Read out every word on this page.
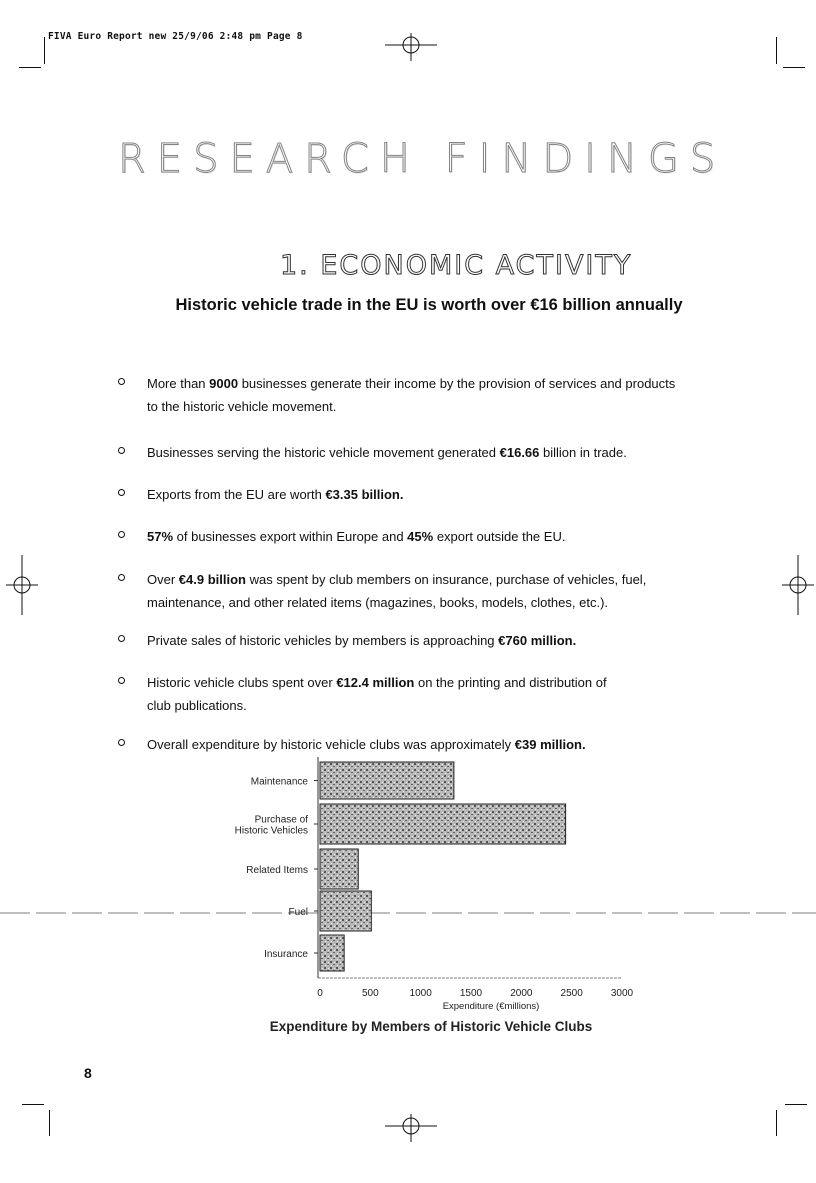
FIVA Euro Report new 25/9/06 2:48 pm Page 8
RESEARCH FINDINGS
1. ECONOMIC ACTIVITY
Historic vehicle trade in the EU is worth over €16 billion annually
More than 9000 businesses generate their income by the provision of services and products
to the historic vehicle movement.
Businesses serving the historic vehicle movement generated €16.66 billion in trade.
Exports from the EU are worth €3.35 billion.
57% of businesses export within Europe and 45% export outside the EU.
Over €4.9 billion was spent by club members on insurance, purchase of vehicles, fuel,
maintenance, and other related items (magazines, books, models, clothes, etc.).
Private sales of historic vehicles by members is approaching €760 million.
Historic vehicle clubs spent over €12.4 million on the printing and distribution of
club publications.
Overall expenditure by historic vehicle clubs was approximately €39 million.
Maintenance
Purchase of
Historic Vehicles
Related Items
Fuel
Insurance
0	500	1000	1500	2000	2500	3000
Expenditure (€millions)
Expenditure by Members of Historic Vehicle Clubs
8
